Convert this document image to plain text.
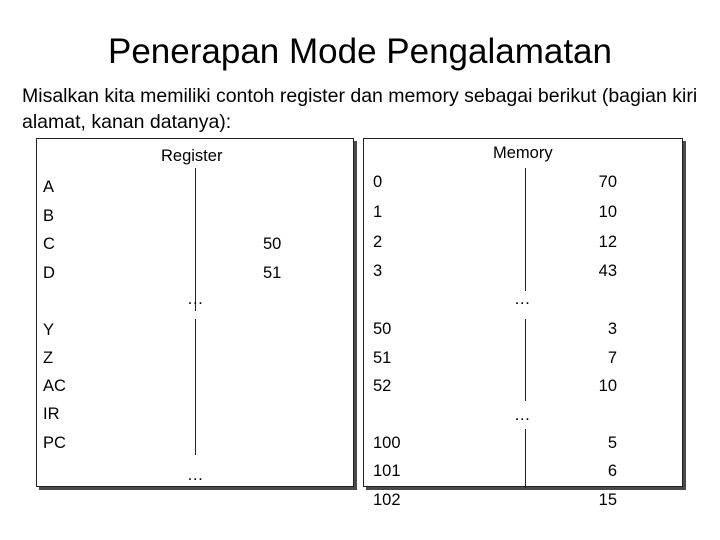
Penerapan Mode Pengalamatan
Misalkan kita memiliki contoh register dan memory sebagai berikut (bagian kiri alamat, kanan datanya):
Register
A
B
C	50
D	51
…
Y
Z
AC
IR
PC
…
Memory
0	70
1	10
2	12
3	43
…
50	3
51	7
52	10
…
100	5
101	6
102	15
